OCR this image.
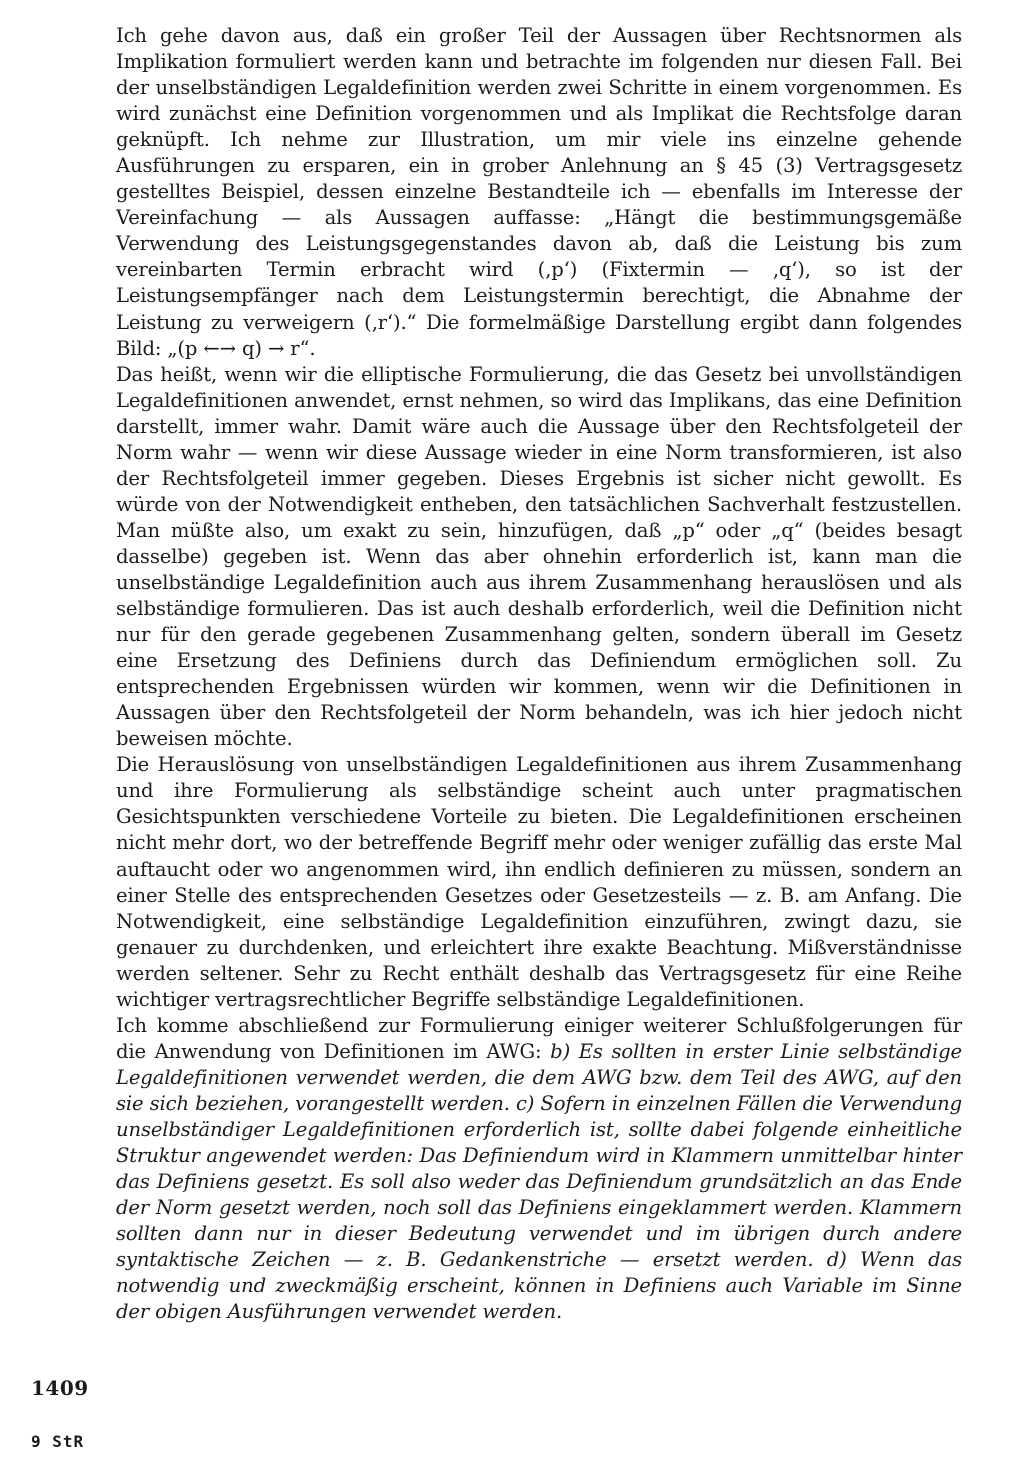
Ich gehe davon aus, daß ein großer Teil der Aussagen über Rechtsnormen als Implikation formuliert werden kann und betrachte im folgenden nur diesen Fall. Bei der unselbständigen Legaldefinition werden zwei Schritte in einem vorgenommen. Es wird zunächst eine Definition vorgenommen und als Implikat die Rechtsfolge daran geknüpft. Ich nehme zur Illustration, um mir viele ins einzelne gehende Ausführungen zu ersparen, ein in grober Anlehnung an § 45 (3) Vertragsgesetz gestelltes Beispiel, dessen einzelne Bestandteile ich — ebenfalls im Interesse der Vereinfachung — als Aussagen auffasse: „Hängt die bestimmungsgemäße Verwendung des Leistungsgegenstandes davon ab, daß die Leistung bis zum vereinbarten Termin erbracht wird (‚p‘) (Fixtermin — ‚q‘), so ist der Leistungsempfänger nach dem Leistungstermin berechtigt, die Abnahme der Leistung zu verweigern (‚r‘).“ Die formelmäßige Darstellung ergibt dann folgendes Bild: „(p ←→ q) → r“.

Das heißt, wenn wir die elliptische Formulierung, die das Gesetz bei unvollständigen Legaldefinitionen anwendet, ernst nehmen, so wird das Implikans, das eine Definition darstellt, immer wahr. Damit wäre auch die Aussage über den Rechtsfolgeteil der Norm wahr — wenn wir diese Aussage wieder in eine Norm transformieren, ist also der Rechtsfolgeteil immer gegeben. Dieses Ergebnis ist sicher nicht gewollt. Es würde von der Notwendigkeit entheben, den tatsächlichen Sachverhalt festzustellen. Man müßte also, um exakt zu sein, hinzufügen, daß „p“ oder „q“ (beides besagt dasselbe) gegeben ist. Wenn das aber ohnehin erforderlich ist, kann man die unselbständige Legaldefinition auch aus ihrem Zusammenhang herauslösen und als selbständige formulieren. Das ist auch deshalb erforderlich, weil die Definition nicht nur für den gerade gegebenen Zusammenhang gelten, sondern überall im Gesetz eine Ersetzung des Definiens durch das Definiendum ermöglichen soll. Zu entsprechenden Ergebnissen würden wir kommen, wenn wir die Definitionen in Aussagen über den Rechtsfolgeteil der Norm behandeln, was ich hier jedoch nicht beweisen möchte.

Die Herauslösung von unselbständigen Legaldefinitionen aus ihrem Zusammenhang und ihre Formulierung als selbständige scheint auch unter pragmatischen Gesichtspunkten verschiedene Vorteile zu bieten. Die Legaldefinitionen erscheinen nicht mehr dort, wo der betreffende Begriff mehr oder weniger zufällig das erste Mal auftaucht oder wo angenommen wird, ihn endlich definieren zu müssen, sondern an einer Stelle des entsprechenden Gesetzes oder Gesetzesteils — z. B. am Anfang. Die Notwendigkeit, eine selbständige Legaldefinition einzuführen, zwingt dazu, sie genauer zu durchdenken, und erleichtert ihre exakte Beachtung. Mißverständnisse werden seltener. Sehr zu Recht enthält deshalb das Vertragsgesetz für eine Reihe wichtiger vertragsrechtlicher Begriffe selbständige Legaldefinitionen.

Ich komme abschließend zur Formulierung einiger weiterer Schlußfolgerungen für die Anwendung von Definitionen im AWG: b) Es sollten in erster Linie selbständige Legaldefinitionen verwendet werden, die dem AWG bzw. dem Teil des AWG, auf den sie sich beziehen, vorangestellt werden. c) Sofern in einzelnen Fällen die Verwendung unselbständiger Legaldefinitionen erforderlich ist, sollte dabei folgende einheitliche Struktur angewendet werden: Das Definiendum wird in Klammern unmittelbar hinter das Definiens gesetzt. Es soll also weder das Definiendum grundsätzlich an das Ende der Norm gesetzt werden, noch soll das Definiens eingeklammert werden. Klammern sollten dann nur in dieser Bedeutung verwendet und im übrigen durch andere syntaktische Zeichen — z. B. Gedankenstriche — ersetzt werden. d) Wenn das notwendig und zweckmäßig erscheint, können in Definiens auch Variable im Sinne der obigen Ausführungen verwendet werden.

1409
9 StR
